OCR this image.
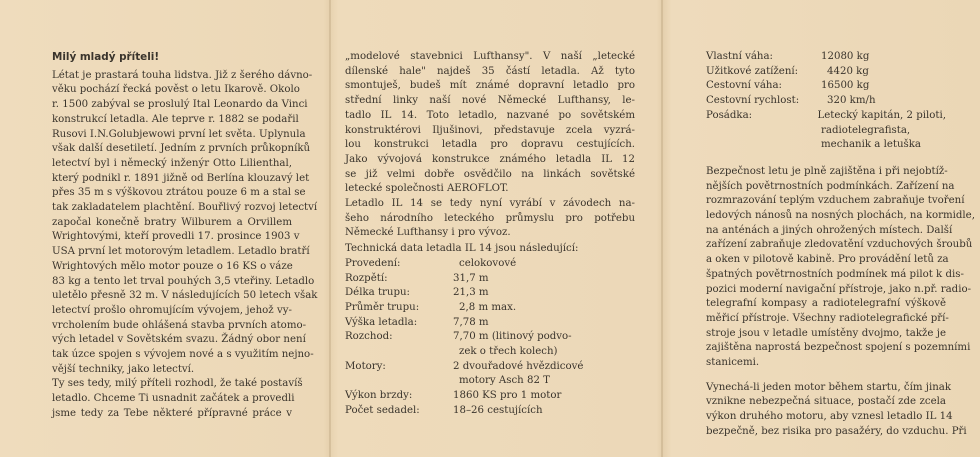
Milý mladý příteli!
Létat je prastará touha lidstva. Již z šerého dávno-
věku pochází řecká pověst o letu Ikarově. Okolo
r. 1500 zabýval se proslulý Ital Leonardo da Vinci
konstrukcí letadla. Ale teprve r. 1882 se podařil
Rusovi I.N.Golubjewowi první let světa. Uplynula
však další desetiletí. Jedním z prvních průkopníků
letectví byl i německý inženýr Otto Lilienthal,
který podnikl r. 1891 jižně od Berlína klouzavý let
přes 35 m s výškovou ztrátou pouze 6 m a stal se
tak zakladatelem plachtění. Bouřlivý rozvoj letectví
započal konečně bratry Wilburem a Orvillem
Wrightovými, kteří provedli 17. prosince 1903 v
USA první let motorovým letadlem. Letadlo bratří
Wrightových mělo motor pouze o 16 KS o váze
83 kg a tento let trval pouhých 3,5 vteřiny. Letadlo
uletělo přesně 32 m. V následujících 50 letech však
letectví prošlo ohromujícím vývojem, jehož vy-
vrcholením bude ohlášená stavba prvních atomo-
vých letadel v Sovětském svazu. Žádný obor není
tak úzce spojen s vývojem nové a s využitím nejno-
vější techniky, jako letectví.
Ty ses tedy, milý příteli rozhodl, že také postavíš
letadlo. Chceme Ti usnadnit začátek a provedli
jsme tedy za Tebe některé přípravné práce v
„modelové stavebnici Lufthansy". V naší „letecké
dílenské hale" najdeš 35 částí letadla. Až tyto
smontuješ, budeš mít známé dopravní letadlo pro
střední linky naší nové Německé Lufthansy, le-
tadlo IL 14. Toto letadlo, nazvané po sovětském
konstruktérovi Iljušinovi, představuje zcela vyzrá-
lou konstrukci letadla pro dopravu cestujících.
Jako vývojová konstrukce známého letadla IL 12
se již velmi dobře osvědčilo na linkách sovětské
letecké společnosti AEROFLOT.
Letadlo IL 14 se tedy nyní vyrábí v závodech na-
šeho národního leteckého průmyslu pro potřebu
Německé Lufthansy i pro vývoz.
Technická data letadla IL 14 jsou následující:
Provedení:	celokovové
Rozpětí:	31,7 m
Délka trupu:	21,3 m
Průměr trupu:	2,8 m max.
Výška letadla:	7,78 m
Rozchod:	7,70 m (litinový podvo-
zek o třech kolech)
Motory:	2 dvouřadové hvězdicové
motory Asch 82 T
Výkon brzdy:	1860 KS pro 1 motor
Počet sedadel:	18–26 cestujících
Vlastní váha:	12080 kg
Užitkové zatížení:	4420 kg
Cestovní váha:	16500 kg
Cestovní rychlost:	320 km/h
Posádka:	Letecký kapitán, 2 piloti,
radiotelegrafista,
mechanik a letuška
Bezpečnost letu je plně zajištěna i při nejobtíž-
nějších povětrnostních podmínkách. Zařízení na
rozmrazování teplým vzduchem zabraňuje tvoření
ledových nánosů na nosných plochách, na kormidle,
na anténách a jiných ohrožených místech. Další
zařízení zabraňuje zledovatění vzduchových šroubů
a oken v pilotově kabině. Pro provádění letů za
špatných povětrnostních podmínek má pilot k dis-
pozici moderní navigační přístroje, jako n.př. radio-
telegrafní kompasy a radiotelegrafní výškově
měřicí přístroje. Všechny radiotelegrafické pří-
stroje jsou v letadle umístěny dvojmo, takže je
zajištěna naprostá bezpečnost spojení s pozemními
stanicemi.
Vynechá-li jeden motor během startu, čím jinak
vznikne nebezpečná situace, postačí zde zcela
výkon druhého motoru, aby vznesl letadlo IL 14
bezpečně, bez risika pro pasažéry, do vzduchu. Při
